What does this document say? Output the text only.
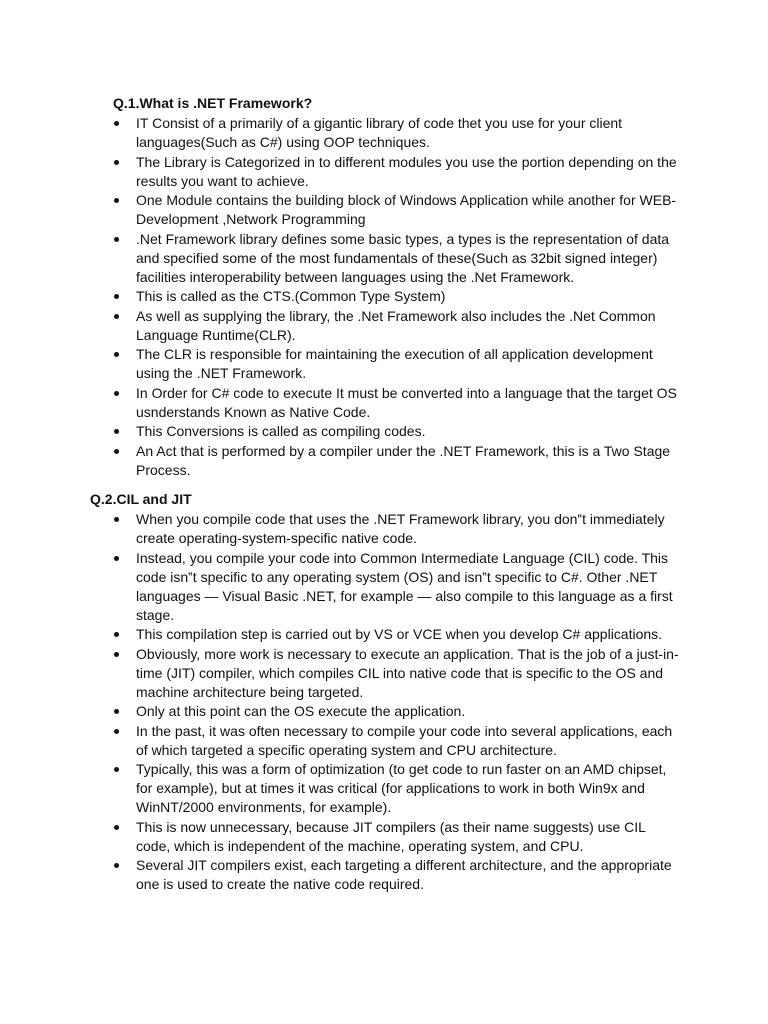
Q.1.What is .NET Framework?
IT Consist of a primarily of a gigantic library of code thet you use for your client languages(Such as C#) using OOP techniques.
The Library is Categorized in to different modules you use the portion depending on the results you want to achieve.
One Module contains the building block of Windows Application while another for WEB-Development ,Network Programming
.Net Framework library defines some basic types, a types is the representation of data and specified some of the most fundamentals of these(Such as 32bit signed integer) facilities interoperability between languages using the .Net Framework.
This is called as the CTS.(Common Type System)
As well as supplying the library, the .Net Framework also includes the .Net Common Language Runtime(CLR).
The CLR is responsible for maintaining the execution of all application development using the .NET Framework.
In Order for C# code to execute It must be converted into a language that the target OS usnderstands Known as Native Code.
This Conversions is called as compiling codes.
An Act that is performed by a compiler under the .NET Framework, this is a Two Stage Process.
Q.2.CIL and JIT
When you compile code that uses the .NET Framework library, you don‟t immediately create operating-system-specific native code.
Instead, you compile your code into Common Intermediate Language (CIL) code. This code isn‟t specific to any operating system (OS) and isn‟t specific to C#. Other .NET languages — Visual Basic .NET, for example — also compile to this language as a first stage.
This compilation step is carried out by VS or VCE when you develop C# applications.
Obviously, more work is necessary to execute an application. That is the job of a just-in-time (JIT) compiler, which compiles CIL into native code that is specific to the OS and machine architecture being targeted.
Only at this point can the OS execute the application.
In the past, it was often necessary to compile your code into several applications, each of which targeted a specific operating system and CPU architecture.
Typically, this was a form of optimization (to get code to run faster on an AMD chipset, for example), but at times it was critical (for applications to work in both Win9x and WinNT/2000 environments, for example).
This is now unnecessary, because JIT compilers (as their name suggests) use CIL code, which is independent of the machine, operating system, and CPU.
Several JIT compilers exist, each targeting a different architecture, and the appropriate one is used to create the native code required.
